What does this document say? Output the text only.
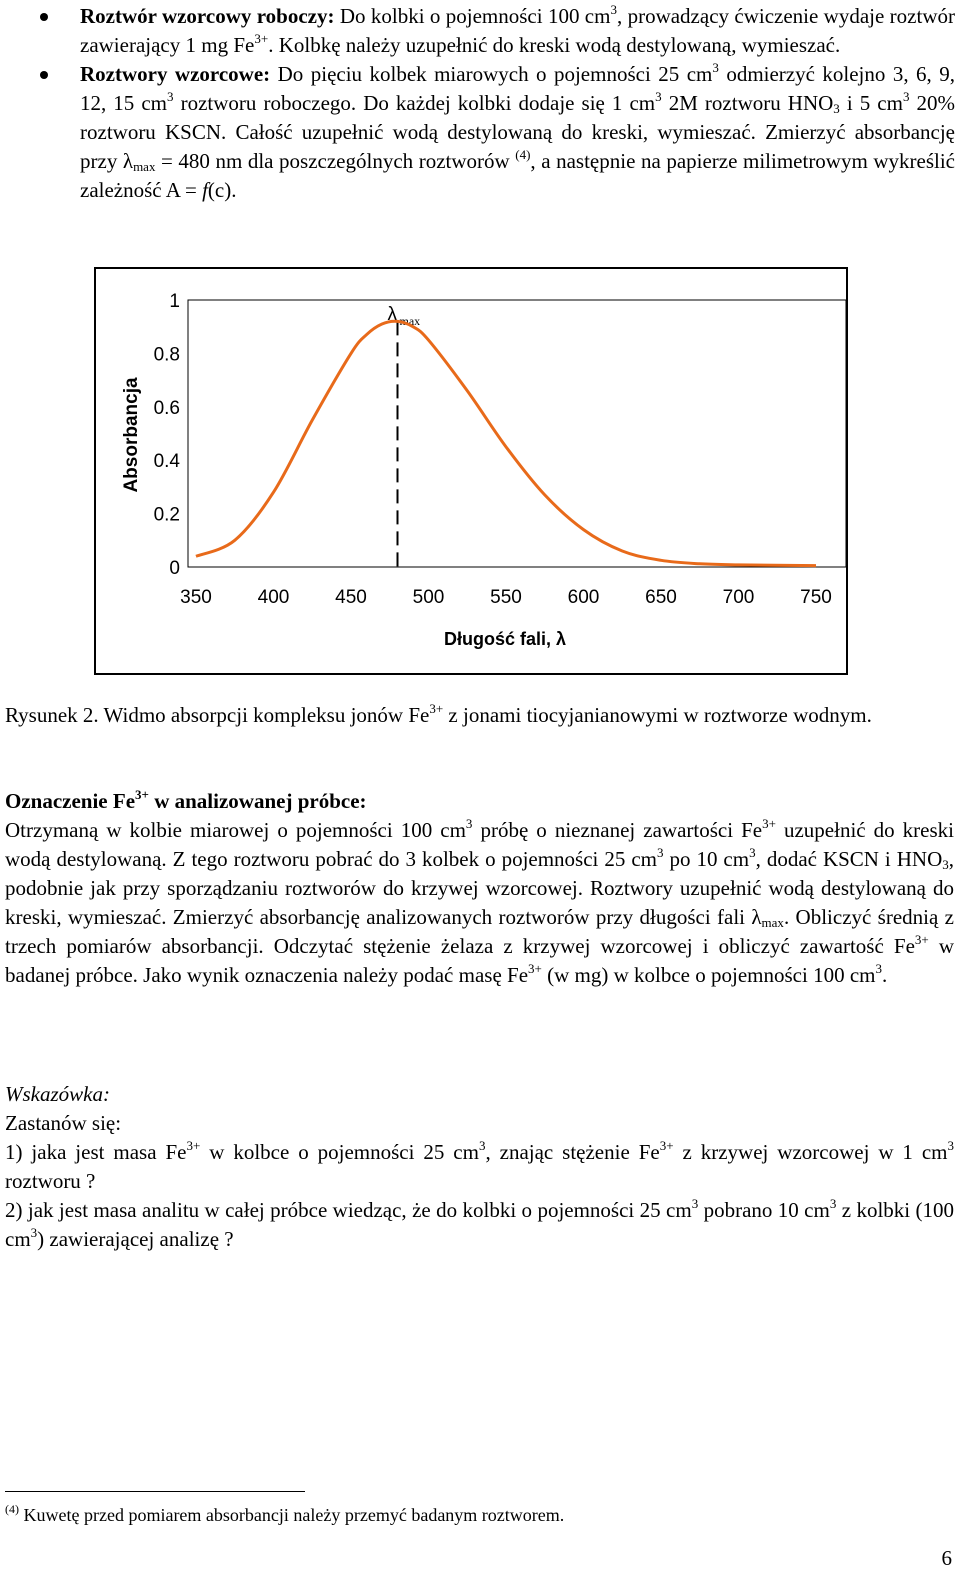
Roztwór wzorcowy roboczy: Do kolbki o pojemności 100 $cm^3$, prowadzący ćwiczenie wydaje roztwór zawierający 1 mg $Fe^{3+}$. Kolbkę należy uzupełnić do kreski wodą destylowaną, wymieszać.
Roztwory wzorcowe: Do pięciu kolbek miarowych o pojemności 25 $cm^3$ odmierzyć kolejno 3, 6, 9, 12, 15 $cm^3$ roztworu roboczego. Do każdej kolbki dodaje się 1 $cm^3$ 2M roztworu $HNO_3$ i 5 $cm^3$ 20% roztworu KSCN. Całość uzupełnić wodą destylowaną do kreski, wymieszać. Zmierzyć absorbancję przy $\lambda_{max} = 480$ nm dla poszczególnych roztworów $^{(4)}$, a następnie na papierze milimetrowym wykreślić zależność A = f(c).
Absorbancja
Długość fali, λ
0
0.2
0.4
0.6
0.8
1
350 400 450 500 550 600 650 700 750
λ max
Rysunek 2. Widmo absorpcji kompleksu jonów $Fe^{3+}$ z jonami tiocyjanianowymi w roztworze wodnym.
Oznaczenie $Fe^{3+}$ w analizowanej próbce:
Otrzymaną w kolbie miarowej o pojemności 100 $cm^3$ próbę o nieznanej zawartości $Fe^{3+}$ uzupełnić do kreski wodą destylowaną. Z tego roztworu pobrać do 3 kolbek o pojemności 25 $cm^3$ po 10 $cm^3$, dodać KSCN i $HNO_3$, podobnie jak przy sporządzaniu roztworów do krzywej wzorcowej. Roztwory uzupełnić wodą destylowaną do kreski, wymieszać. Zmierzyć absorbancję analizowanych roztworów przy długości fali $\lambda_{max}$. Obliczyć średnią z trzech pomiarów absorbancji. Odczytać stężenie żelaza z krzywej wzorcowej i obliczyć zawartość $Fe^{3+}$ w badanej próbce. Jako wynik oznaczenia należy podać masę $Fe^{3+}$ (w mg) w kolbce o pojemności 100 $cm^3$.
Wskazówka:
Zastanów się:
1) jaka jest masa $Fe^{3+}$ w kolbce o pojemności 25 $cm^3$, znając stężenie $Fe^{3+}$ z krzywej wzorcowej w 1 $cm^3$ roztworu ?
2) jak jest masa analitu w całej próbce wiedząc, że do kolbki o pojemności 25 $cm^3$ pobrano 10 $cm^3$ z kolbki (100 $cm^3$) zawierającej analizę ?
$^{(4)}$ Kuwetę przed pomiarem absorbancji należy przemyć badanym roztworem.
6
